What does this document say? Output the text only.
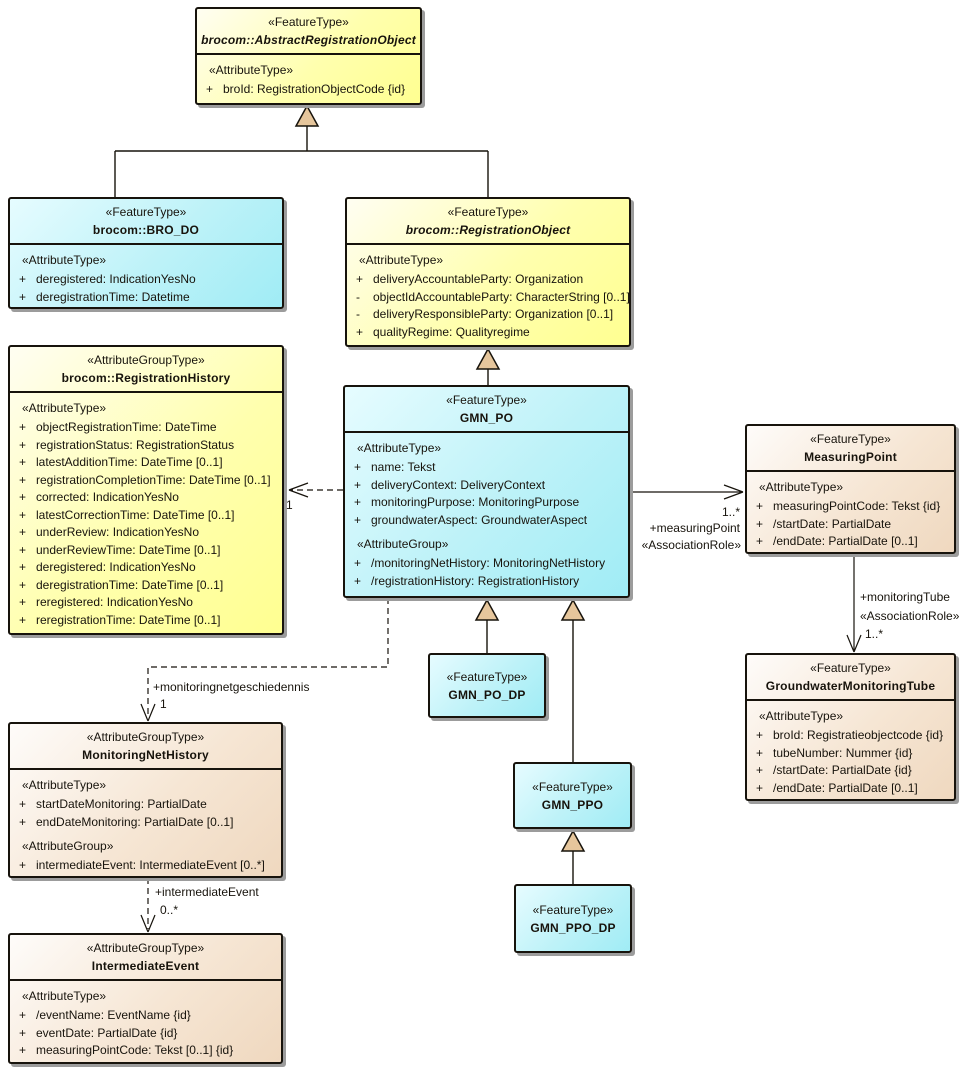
«FeatureType»
brocom::AbstractRegistrationObject
«AttributeType»
+ broId: RegistrationObjectCode {id}
«FeatureType»
brocom::BRO_DO
«AttributeType»
+ deregistered: IndicationYesNo
+ deregistrationTime: Datetime
«FeatureType»
brocom::RegistrationObject
«AttributeType»
+ deliveryAccountableParty: Organization
-	objectIdAccountableParty: CharacterString [0..1]
-	deliveryResponsibleParty: Organization [0..1]
+ qualityRegime: Qualityregime
«AttributeGroupType»
brocom::RegistrationHistory
«AttributeType»
+ objectRegistrationTime: DateTime
+ registrationStatus: RegistrationStatus
+ latestAdditionTime: DateTime [0..1]
+ registrationCompletionTime: DateTime [0..1]
+ corrected: IndicationYesNo
+ latestCorrectionTime: DateTime [0..1]
+ underReview: IndicationYesNo
+ underReviewTime: DateTime [0..1]
+ deregistered: IndicationYesNo
+ deregistrationTime: DateTime [0..1]
+ reregistered: IndicationYesNo
+ reregistrationTime: DateTime [0..1]
«FeatureType»
GMN_PO
«AttributeType»
+ name: Tekst
+ deliveryContext: DeliveryContext
+ monitoringPurpose: MonitoringPurpose
+ groundwaterAspect: GroundwaterAspect
«AttributeGroup»
+ /monitoringNetHistory: MonitoringNetHistory
+ /registrationHistory: RegistrationHistory
«FeatureType»
MeasuringPoint
«AttributeType»
+ measuringPointCode: Tekst {id}
+ /startDate: PartialDate
+ /endDate: PartialDate [0..1]
«FeatureType»
GroundwaterMonitoringTube
«AttributeType»
+ broId: Registratieobjectcode {id}
+ tubeNumber: Nummer {id}
+ /startDate: PartialDate {id}
+ /endDate: PartialDate [0..1]
«AttributeGroupType»
MonitoringNetHistory
«AttributeType»
+ startDateMonitoring: PartialDate
+ endDateMonitoring: PartialDate [0..1]
«AttributeGroup»
+ intermediateEvent: IntermediateEvent [0..*]
«AttributeGroupType»
IntermediateEvent
«AttributeType»
+ /eventName: EventName {id}
+ eventDate: PartialDate {id}
+ measuringPointCode: Tekst [0..1] {id}
«FeatureType»
GMN_PO_DP
«FeatureType»
GMN_PPO
«FeatureType»
GMN_PPO_DP
1
+monitoringnetgeschiedennis
1
+intermediateEvent
0..*
1..*
+measuringPoint
«AssociationRole»
+monitoringTube
«AssociationRole»
1..*
